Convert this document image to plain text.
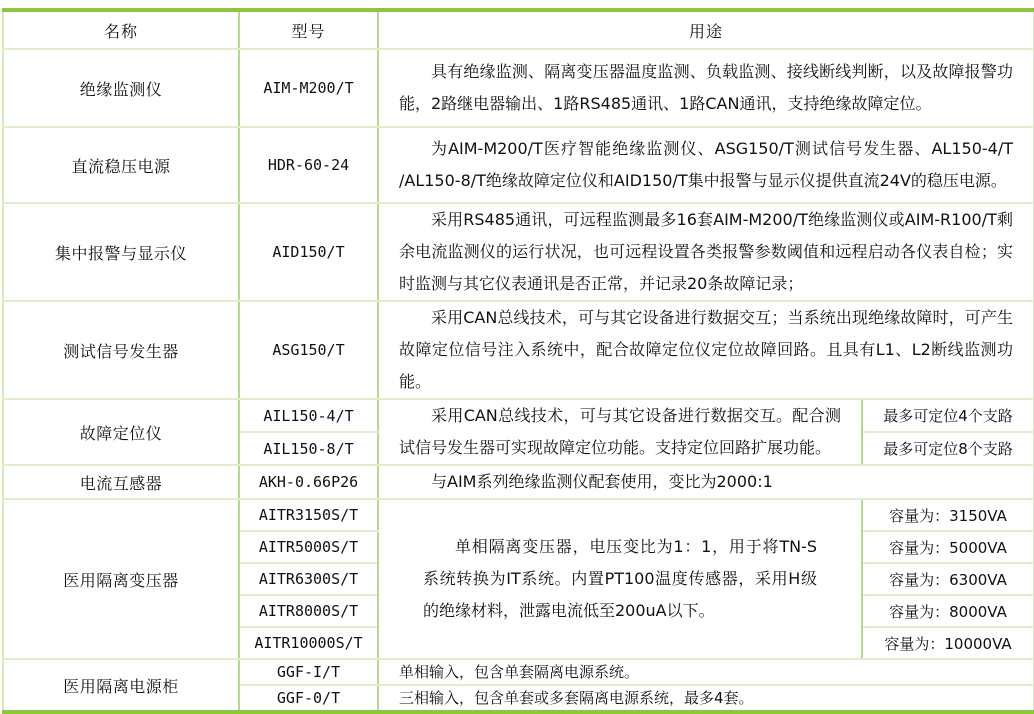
名称	型号	用途	
绝缘监测仪	AIM-M200/T	具有绝缘监测、隔离变压器温度监测、负载监测、接线断线判断，以及故障报警功能，2路继电器输出、1路RS485通讯、1路CAN通讯，支持绝缘故障定位。	

直流稳压电源	HDR-60-24	为AIM-M200/T医疗智能绝缘监测仪、ASG150/T测试信号发生器、AL150-4/T /AL150-8/T绝缘故障定位仪和AID150/T集中报警与显示仪提供直流24V的稳压电源。	

集中报警与显示仪	AID150/T	采用RS485通讯，可远程监测最多16套AIM-M200/T绝缘监测仪或AIM-R100/T剩余电流监测仪的运行状况，也可远程设置各类报警参数阈值和远程启动各仪表自检；实时监测与其它仪表通讯是否正常，并记录20条故障记录；	

测试信号发生器	ASG150/T	采用CAN总线技术，可与其它设备进行数据交互；当系统出现绝缘故障时，可产生故障定位信号注入系统中，配合故障定位仪定位故障回路。且具有L1、L2断线监测功能。	

故障定位仪	AIL150-4/T	采用CAN总线技术，可与其它设备进行数据交互。配合测试信号发生器可实现故障定位功能。支持定位回路扩展功能。	最多可定位4个支路
	AIL150-8/T		最多可定位8个支路
电流互感器	AKH-0.66P26	与AIM系列绝缘监测仪配套使用，变比为2000:1	

医用隔离变压器	AITR3150S/T	单相隔离变压器，电压变比为1：1，用于将TN-S系统转换为IT系统。内置PT100温度传感器，采用H级的绝缘材料，泄露电流低至200uA以下。	容量为：3150VA
	AITR5000S/T		容量为：5000VA
	AITR6300S/T		容量为：6300VA
	AITR8000S/T		容量为：8000VA
	AITR10000S/T		容量为：10000VA
医用隔离电源柜	GGF-I/T	单相输入，包含单套隔离电源系统。	

	GGF-0/T	三相输入，包含单套或多套隔离电源系统，最多4套。	
